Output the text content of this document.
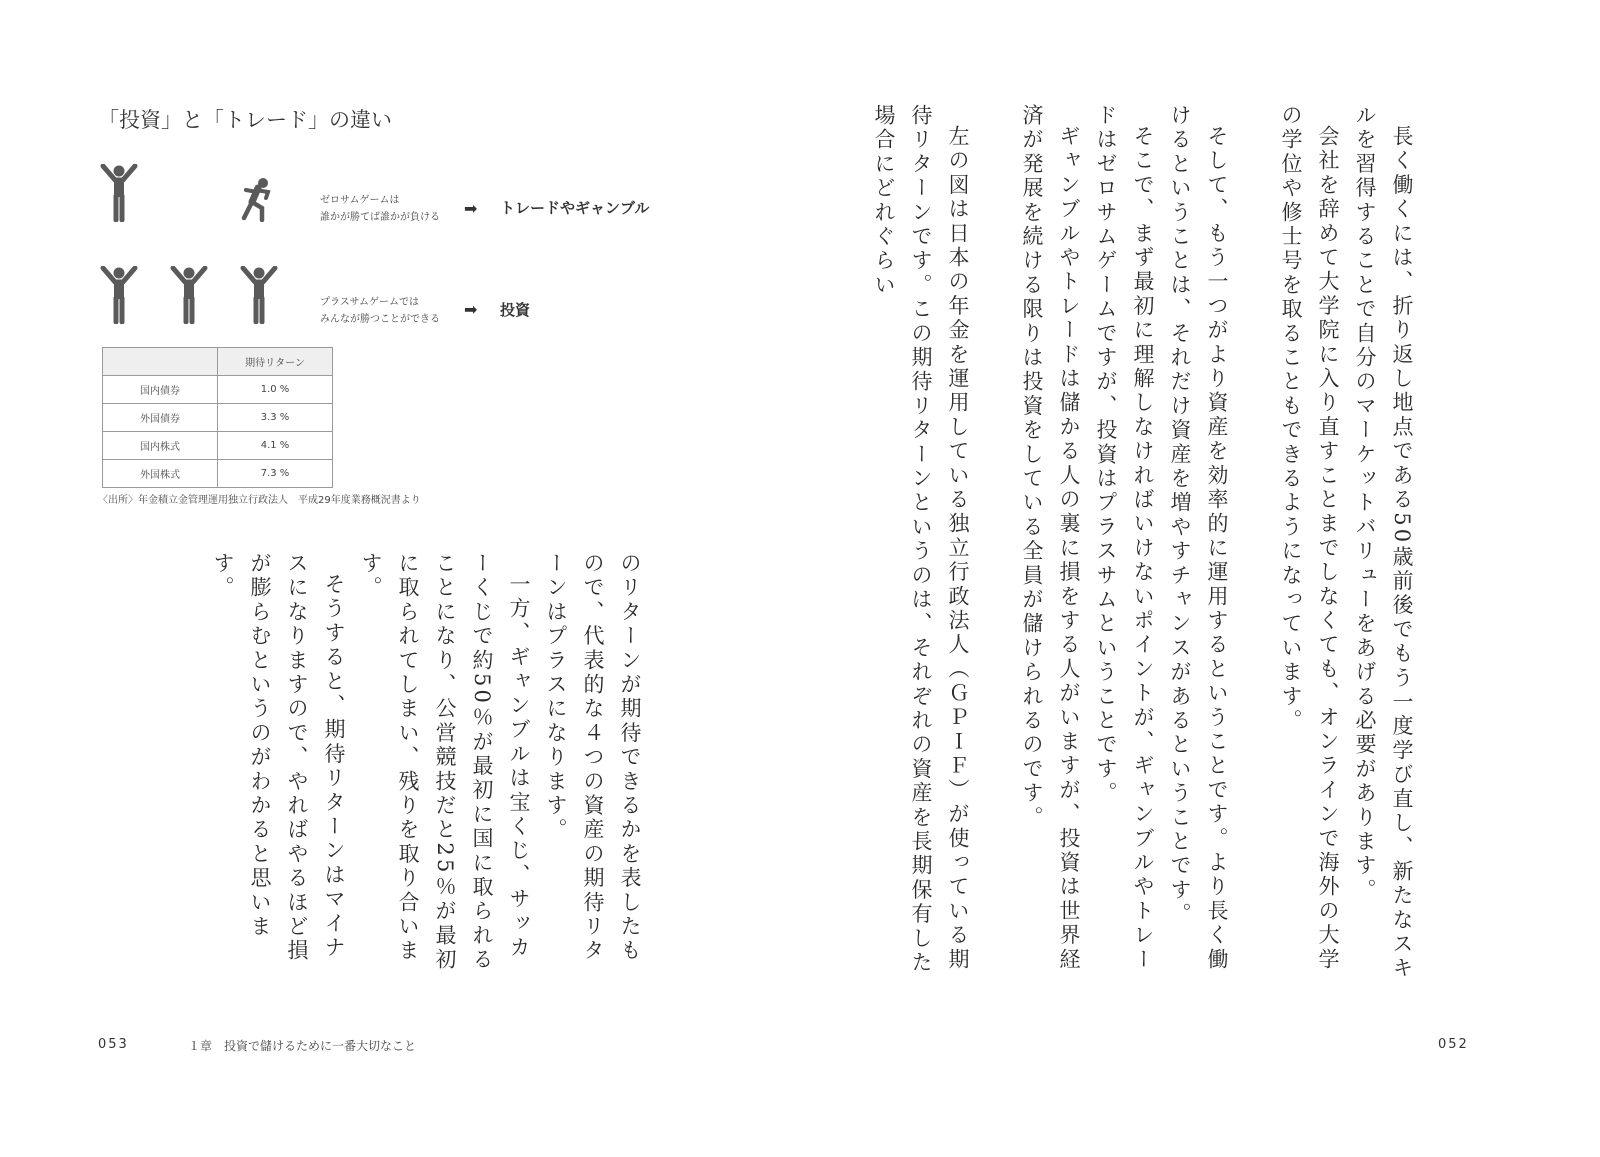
「投資」と「トレード」の違い
ゼロサムゲームは
誰かが勝てば誰かが負ける ➡ トレードやギャンブル
プラスサムゲームでは
みんなが勝つことができる
➡ 投資
	期待リターン
国内債券	1.0 %
外国債券	3.3 %
国内株式	4.1 %
外国株式	7.3 %
〈出所〉年金積立金管理運用独立行政法人　平成29年度業務概況書より

のリターンが期待できるかを表したもので、代表的な４つの資産の期待リターンはプラスになります。

一方、ギャンブルは宝くじ、サッカーくじで約50％が最初に国に取られることになり、公営競技だと25％が最初に取られてしまい、残りを取り合います。

そうすると、期待リターンはマイナスになりますので、やればやるほど損が膨らむというのがわかると思います。	長く働くには、折り返し地点である50歳前後でもう一度学び直し、新たなスキルを習得することで自分のマーケットバリューをあげる必要があります。

会社を辞めて大学院に入り直すことまでしなくても、オンラインで海外の大学の学位や修士号を取ることもできるようになっています。

そして、もう一つがより資産を効率的に運用するということです。より長く働けるということは、それだけ資産を増やすチャンスがあるということです。

そこで、まず最初に理解しなければいけないポイントが、ギャンブルやトレードはゼロサムゲームですが、投資はプラスサムということです。

ギャンブルやトレードは儲かる人の裏に損をする人がいますが、投資は世界経済が発展を続ける限りは投資をしている全員が儲けられるのです。

左の図は日本の年金を運用している独立行政法人（ＧＰＩＦ）が使っている期待リターンです。この期待リターンというのは、それぞれの資産を長期保有した場合にどれぐらい

053	１章　投資で儲けるために一番大切なこと	052
